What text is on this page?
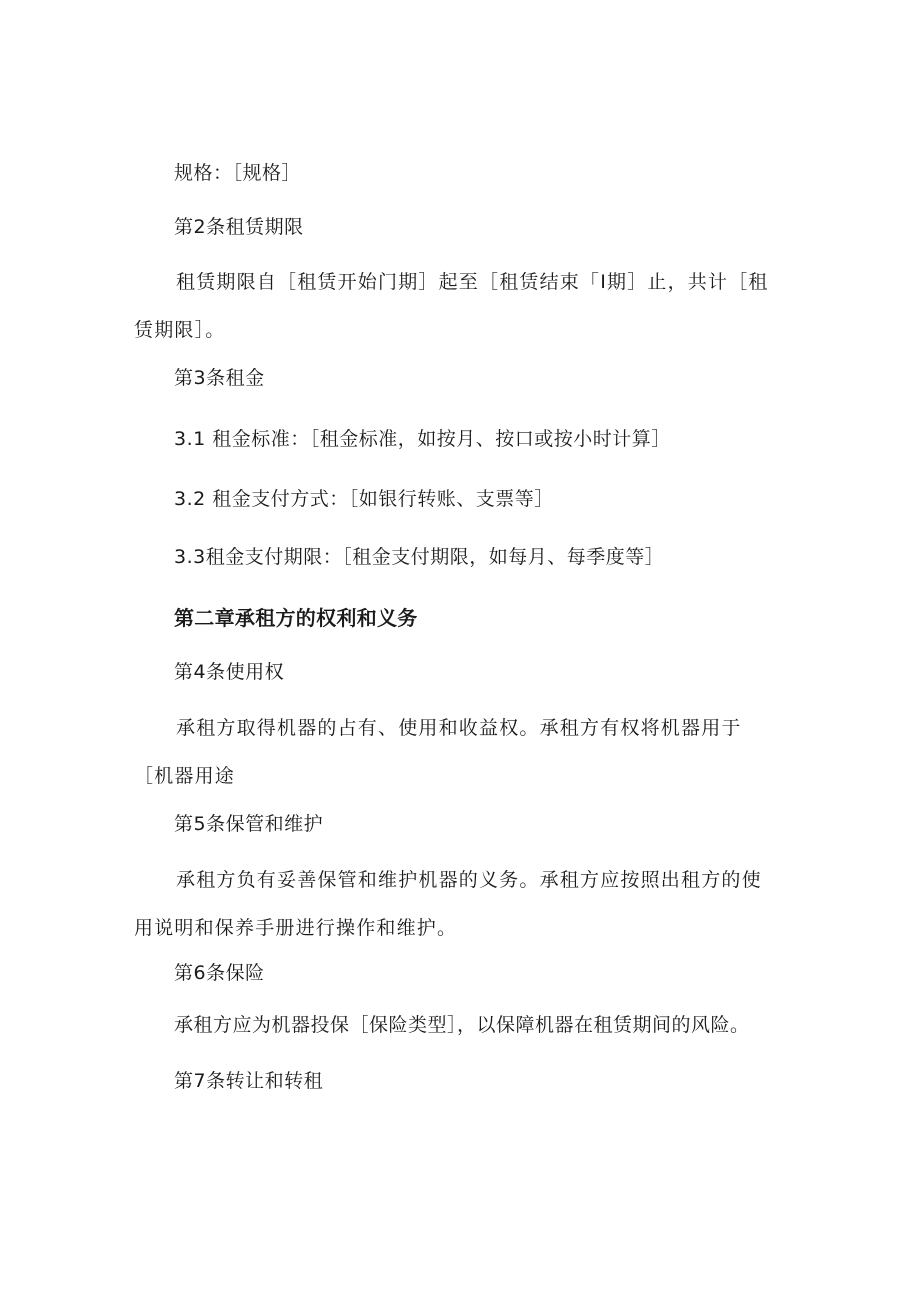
规格：［规格］
第2条租赁期限
租赁期限自［租赁开始门期］起至［租赁结束「I期］止，共计［租赁期限］。
第3条租金
3.1 租金标准：［租金标准，如按月、按口或按小时计算］
3.2 租金支付方式：［如银行转账、支票等］
3.3租金支付期限：［租金支付期限，如每月、每季度等］
第二章承租方的权利和义务
第4条使用权
承租方取得机器的占有、使用和收益权。承租方有权将机器用于［机器用途
第5条保管和维护
承租方负有妥善保管和维护机器的义务。承租方应按照出租方的使用说明和保养手册进行操作和维护。
第6条保险
承租方应为机器投保［保险类型］，以保障机器在租赁期间的风险。
第7条转让和转租
